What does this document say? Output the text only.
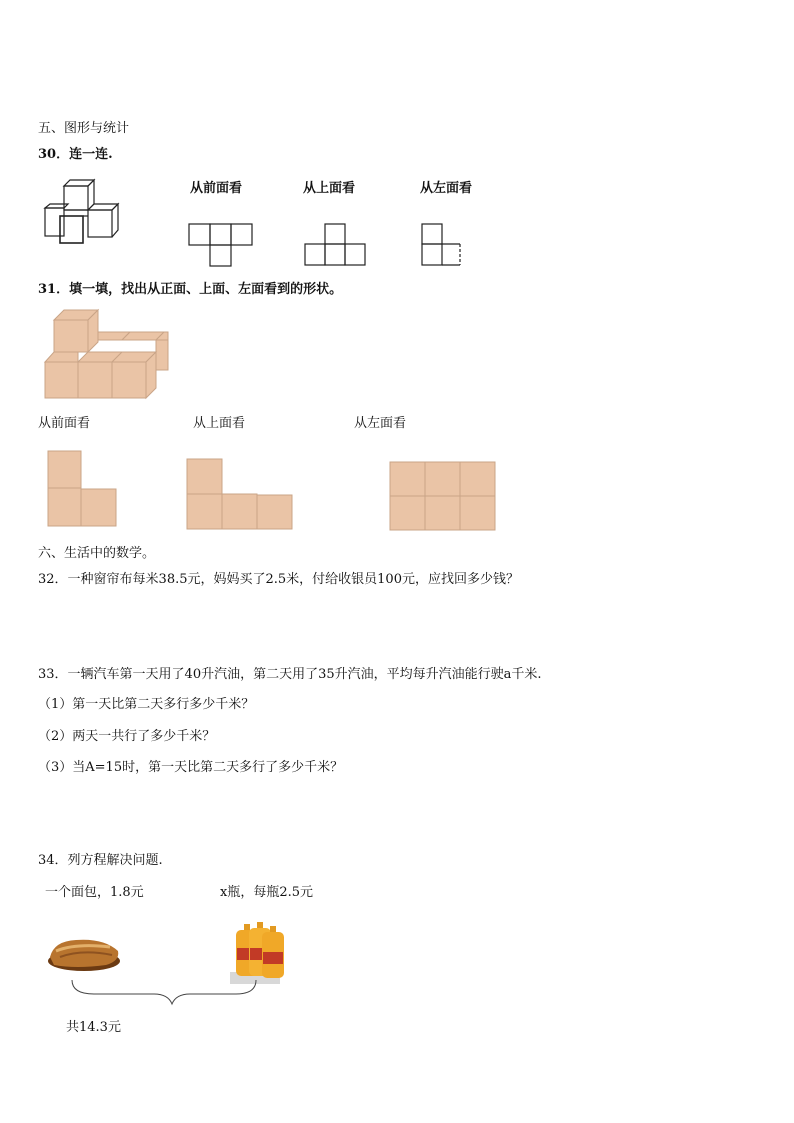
五、图形与统计
30．连一连.
从前面看	从上面看	从左面看
31．填一填，找出从正面、上面、左面看到的形状。
从前面看	从上面看	从左面看
六、生活中的数学。
32．一种窗帘布每米38.5元，妈妈买了2.5米，付给收银员100元，应找回多少钱？
33．一辆汽车第一天用了40升汽油，第二天用了35升汽油，平均每升汽油能行驶a千米.
（1）第一天比第二天多行多少千米？
（2）两天一共行了多少千米？
（3）当A=15时，第一天比第二天多行了多少千米？
34．列方程解决问题.
一个面包，1.8元	x瓶，每瓶2.5元
共14.3元
